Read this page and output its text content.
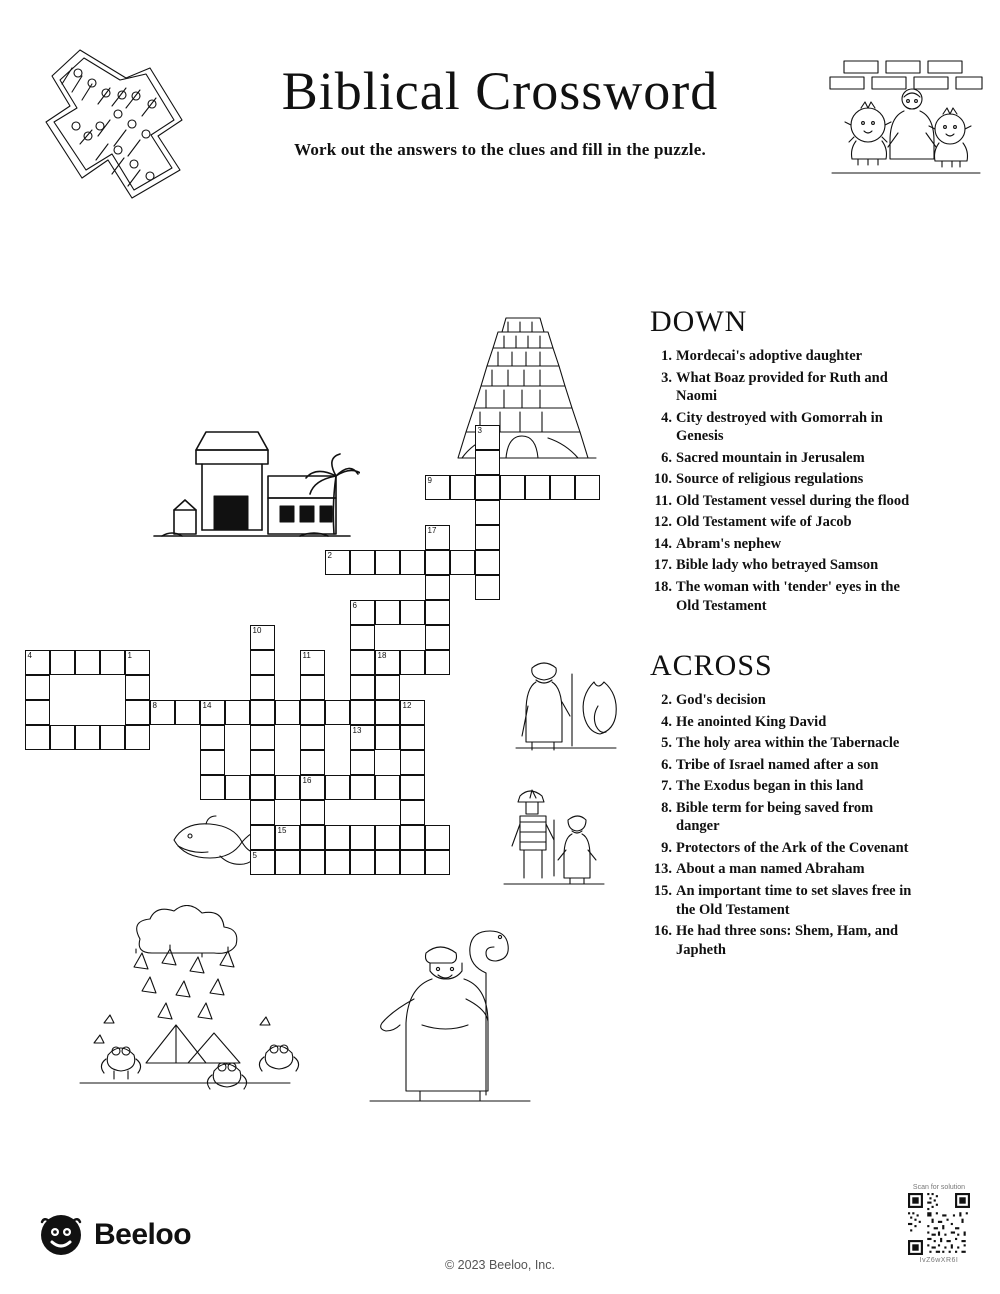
Biblical Crossword
Work out the answers to the clues and fill in the puzzle.
3
9
17
2
6
10
4	1	11	18
8	14	12
13
16
15
5
DOWN
1. Mordecai's adoptive daughter
3. What Boaz provided for Ruth and Naomi
4. City destroyed with Gomorrah in Genesis
6. Sacred mountain in Jerusalem
10. Source of religious regulations
11. Old Testament vessel during the flood
12. Old Testament wife of Jacob
14. Abram's nephew
17. Bible lady who betrayed Samson
18. The woman with 'tender' eyes in the Old Testament
ACROSS
2. God's decision
4. He anointed King David
5. The holy area within the Tabernacle
6. Tribe of Israel named after a son
7. The Exodus began in this land
8. Bible term for being saved from danger
9. Protectors of the Ark of the Covenant
13. About a man named Abraham
15. An important time to set slaves free in the Old Testament
16. He had three sons: Shem, Ham, and Japheth
Beeloo
© 2023 Beeloo, Inc.
Scan for solution
IvZ6wXR6I
